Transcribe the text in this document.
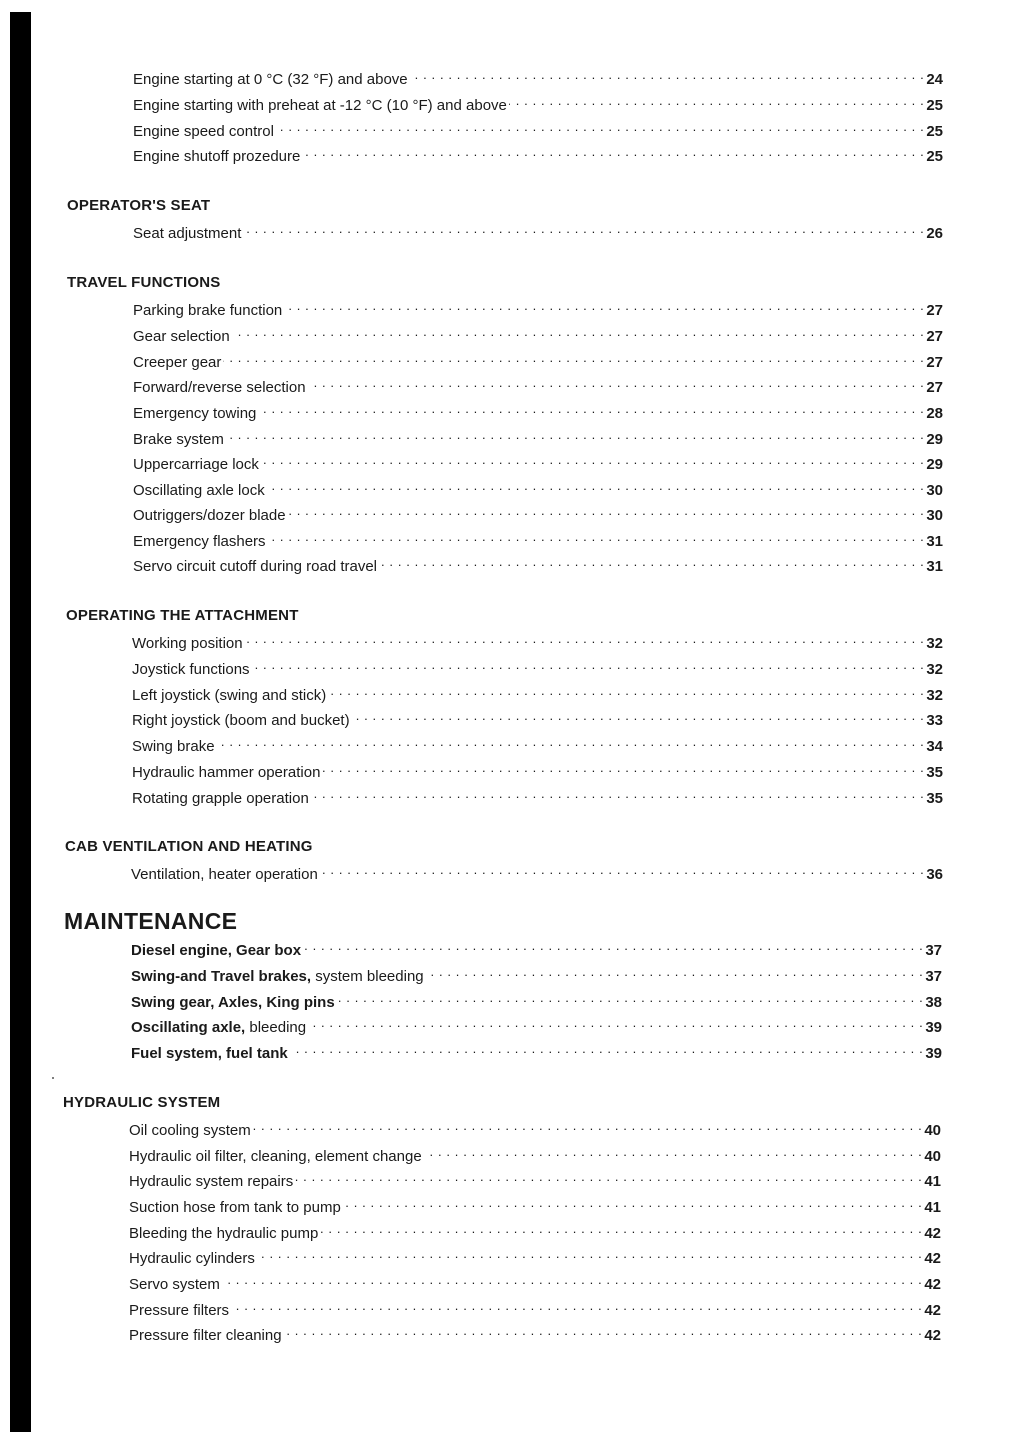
Engine starting at 0 °C (32 °F) and above . . .	24
Engine starting with preheat at -12 °C (10 °F) and above . . .	25
Engine speed control . . .	25
Engine shutoff prozedure . . .	25
OPERATOR'S SEAT
Seat adjustment . . .	26
TRAVEL FUNCTIONS
Parking brake function . . .	27
Gear selection . . .	27
Creeper gear . . .	27
Forward/reverse selection . . .	27
Emergency towing . . .	28
Brake system . . .	29
Uppercarriage lock . . .	29
Oscillating axle lock . . .	30
Outriggers/dozer blade . . .	30
Emergency flashers . . .	31
Servo circuit cutoff during road travel . . .	31
OPERATING THE ATTACHMENT
Working position . . .	32
Joystick functions . . .	32
Left joystick (swing and stick) . . .	32
Right joystick (boom and bucket) . . .	33
Swing brake . . .	34
Hydraulic hammer operation . . .	35
Rotating grapple operation . . .	35
CAB VENTILATION AND HEATING
Ventilation, heater operation . . .	36
MAINTENANCE
Diesel engine, Gear box . . .	37
Swing-and Travel brakes, system bleeding . . .	37
Swing gear, Axles, King pins . . .	38
Oscillating axle, bleeding . . .	39
Fuel system, fuel tank . . .	39
HYDRAULIC SYSTEM
Oil cooling system . . .	40
Hydraulic oil filter, cleaning, element change . . .	40
Hydraulic system repairs . . .	41
Suction hose from tank to pump . . .	41
Bleeding the hydraulic pump . . .	42
Hydraulic cylinders . . .	42
Servo system . . .	42
Pressure filters . . .	42
Pressure filter cleaning . . .	42
